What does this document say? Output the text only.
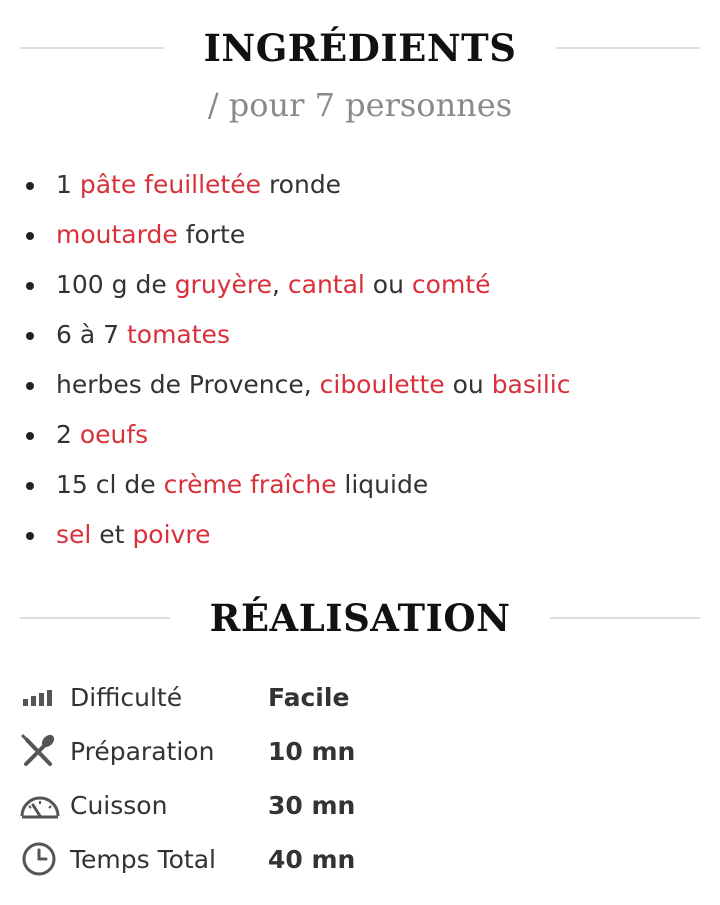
INGRÉDIENTS
/ pour 7 personnes
1 pâte feuilletée ronde
moutarde forte
100 g de gruyère, cantal ou comté
6 à 7 tomates
herbes de Provence, ciboulette ou basilic
2 oeufs
15 cl de crème fraîche liquide
sel et poivre
RÉALISATION
Difficulté	Facile
Préparation 10 mn
Cuisson	30 mn
Temps Total 40 mn
